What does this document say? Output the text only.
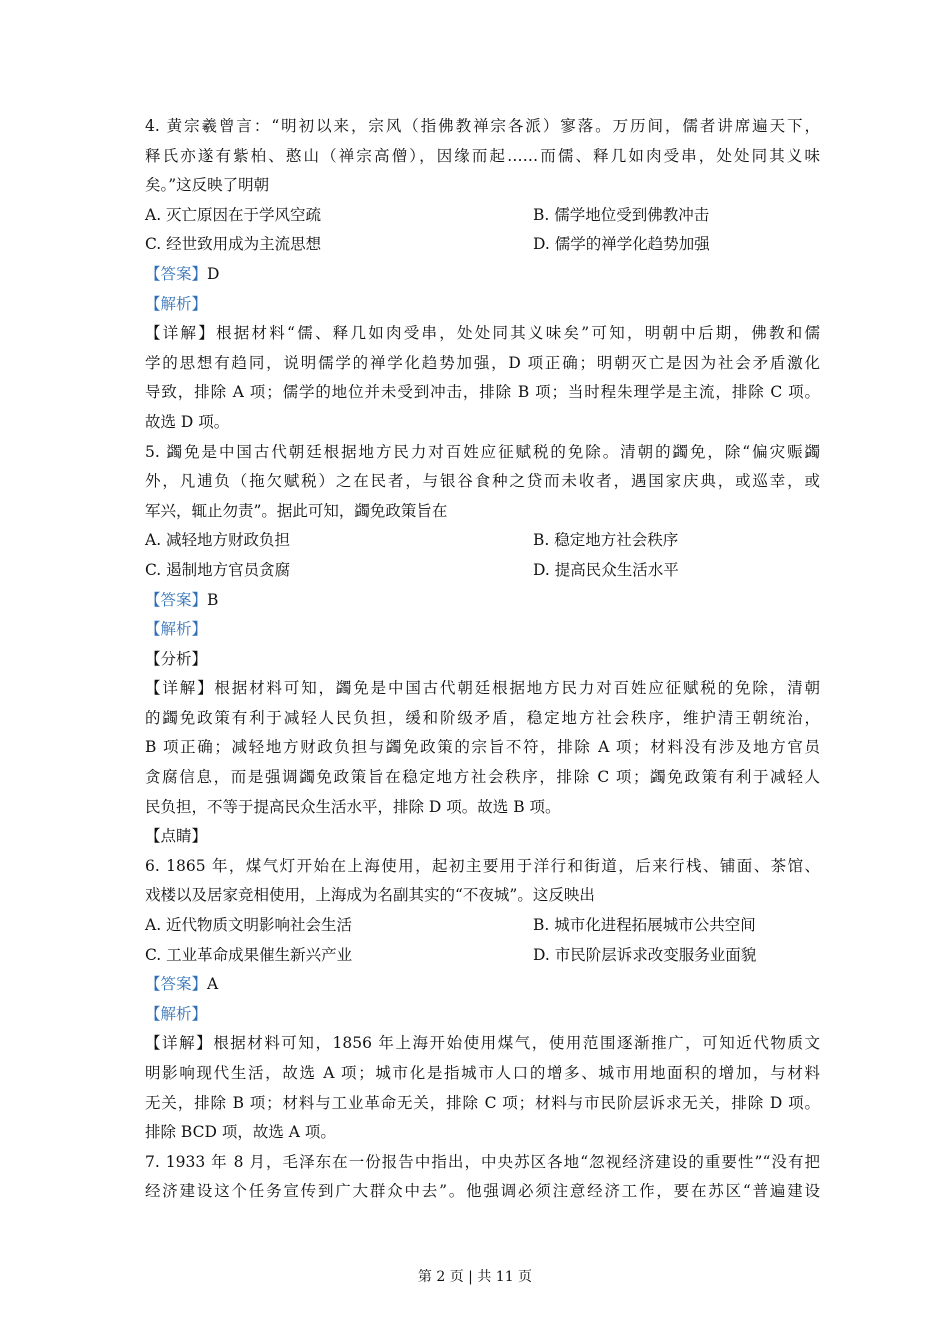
4. 黄宗羲曾言：“明初以来，宗风（指佛教禅宗各派）寥落。万历间，儒者讲席遍天下，
释氏亦遂有紫柏、憨山（禅宗高僧），因缘而起……而儒、释几如肉受串，处处同其义味
矣。”这反映了明朝
A. 灭亡原因在于学风空疏	B. 儒学地位受到佛教冲击
C. 经世致用成为主流思想	D. 儒学的禅学化趋势加强
【答案】D
【解析】
【详解】根据材料“儒、释几如肉受串，处处同其义味矣”可知，明朝中后期，佛教和儒
学的思想有趋同，说明儒学的禅学化趋势加强，D 项正确；明朝灭亡是因为社会矛盾激化
导致，排除 A 项；儒学的地位并未受到冲击，排除 B 项；当时程朱理学是主流，排除 C 项。
故选 D 项。
5. 蠲免是中国古代朝廷根据地方民力对百姓应征赋税的免除。清朝的蠲免，除“偏灾赈蠲
外，凡逋负（拖欠赋税）之在民者，与银谷食种之贷而未收者，遇国家庆典，或巡幸，或
军兴，辄止勿责”。据此可知，蠲免政策旨在
A. 减轻地方财政负担	B. 稳定地方社会秩序
C. 遏制地方官员贪腐	D. 提高民众生活水平
【答案】B
【解析】
【分析】
【详解】根据材料可知，蠲免是中国古代朝廷根据地方民力对百姓应征赋税的免除，清朝
的蠲免政策有利于减轻人民负担，缓和阶级矛盾，稳定地方社会秩序，维护清王朝统治，
B 项正确；减轻地方财政负担与蠲免政策的宗旨不符，排除 A 项；材料没有涉及地方官员
贪腐信息，而是强调蠲免政策旨在稳定地方社会秩序，排除 C 项；蠲免政策有利于减轻人
民负担，不等于提高民众生活水平，排除 D 项。故选 B 项。
【点睛】
6. 1865 年，煤气灯开始在上海使用，起初主要用于洋行和街道，后来行栈、铺面、茶馆、
戏楼以及居家竞相使用，上海成为名副其实的“不夜城”。这反映出
A. 近代物质文明影响社会生活	B. 城市化进程拓展城市公共空间
C. 工业革命成果催生新兴产业	D. 市民阶层诉求改变服务业面貌
【答案】A
【解析】
【详解】根据材料可知，1856 年上海开始使用煤气，使用范围逐渐推广，可知近代物质文
明影响现代生活，故选 A 项；城市化是指城市人口的增多、城市用地面积的增加，与材料
无关，排除 B 项；材料与工业革命无关，排除 C 项；材料与市民阶层诉求无关，排除 D 项。
排除 BCD 项，故选 A 项。
7. 1933 年 8 月，毛泽东在一份报告中指出，中央苏区各地“忽视经济建设的重要性”“没有把
经济建设这个任务宣传到广大群众中去”。他强调必须注意经济工作，要在苏区“普遍建设
第 2 页 | 共 11 页
